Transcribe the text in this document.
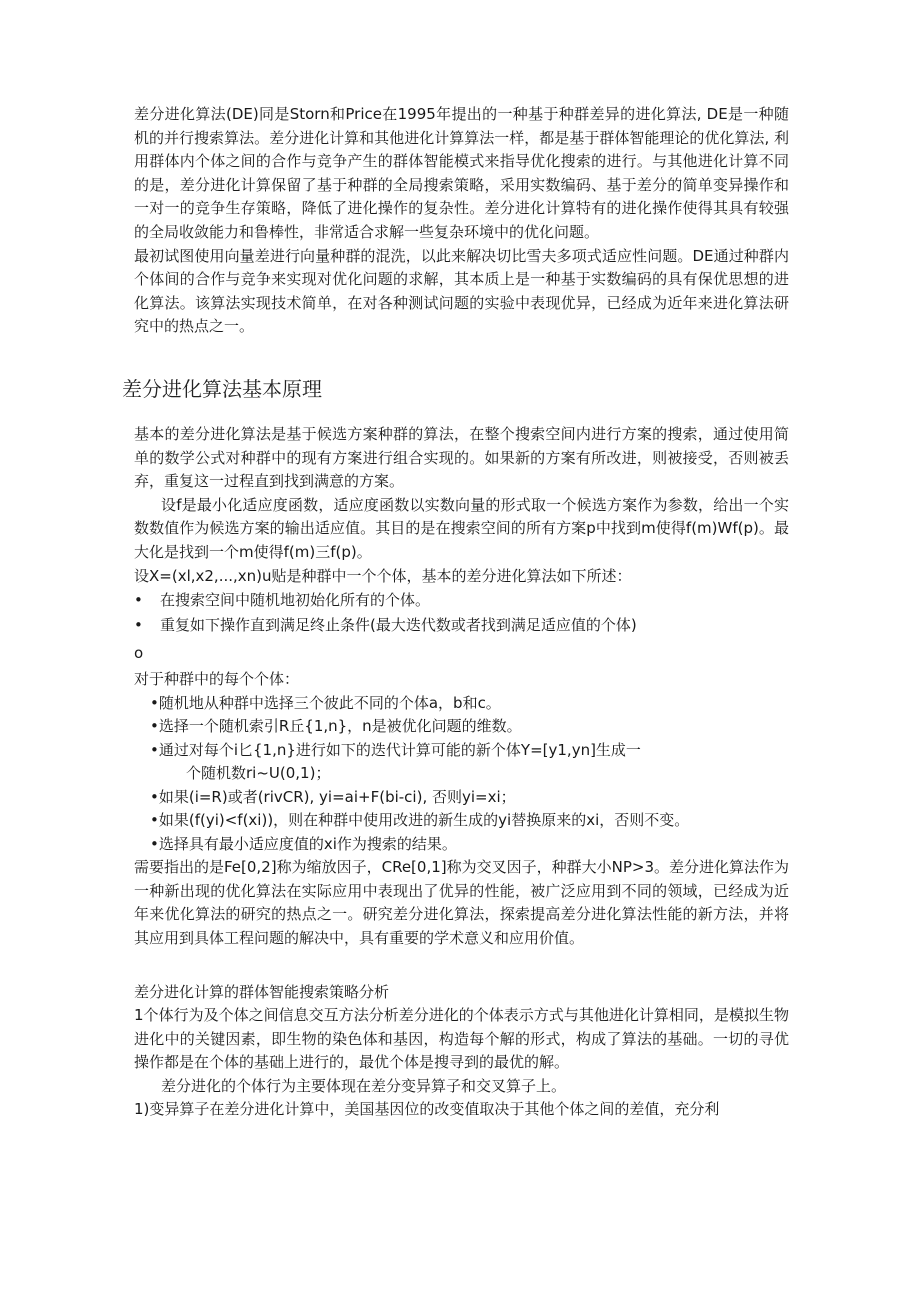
差分进化算法(DE)同是Storn和Price在1995年提出的一种基于种群差异的进化算法, DE是一种随机的并行搜索算法。差分进化计算和其他进化计算算法一样，都是基于群体智能理论的优化算法, 利用群体内个体之间的合作与竞争产生的群体智能模式来指导优化搜索的进行。与其他进化计算不同的是，差分进化计算保留了基于种群的全局搜索策略，采用实数编码、基于差分的简单变异操作和一对一的竞争生存策略，降低了进化操作的复杂性。差分进化计算特有的进化操作使得其具有较强的全局收敛能力和鲁棒性，非常适合求解一些复杂环境中的优化问题。

最初试图使用向量差进行向量种群的混洗，以此来解决切比雪夫多项式适应性问题。DE通过种群内个体间的合作与竞争来实现对优化问题的求解，其本质上是一种基于实数编码的具有保优思想的进化算法。该算法实现技术简单，在对各种测试问题的实验中表现优异，已经成为近年来进化算法研究中的热点之一。

差分进化算法基本原理

基本的差分进化算法是基于候选方案种群的算法，在整个搜索空间内进行方案的搜索，通过使用简单的数学公式对种群中的现有方案进行组合实现的。如果新的方案有所改进，则被接受，否则被丢弃，重复这一过程直到找到满意的方案。

设f是最小化适应度函数，适应度函数以实数向量的形式取一个候选方案作为参数，给出一个实数数值作为候选方案的输出适应值。其目的是在搜索空间的所有方案p中找到m使得f(m)Wf(p)。最大化是找到一个m使得f(m)三f(p)。

设X=(xl,x2,...,xn)u贴是种群中一个个体，基本的差分进化算法如下所述：

• 在搜索空间中随机地初始化所有的个体。

• 重复如下操作直到满足终止条件(最大迭代数或者找到满足适应值的个体)

o

对于种群中的每个个体：

•随机地从种群中选择三个彼此不同的个体a，b和c。

•选择一个随机索引R丘{1,n}，n是被优化问题的维数。

•通过对每个i匕{1,n}进行如下的迭代计算可能的新个体Y=[y1,yn]生成一

个随机数ri~U(0,1)；

•如果(i=R)或者(rivCR), yi=ai+F(bi-ci), 否则yi=xi；

•如果(f(yi)<f(xi))，则在种群中使用改进的新生成的yi替换原来的xi，否则不变。

•选择具有最小适应度值的xi作为搜索的结果。

需要指出的是Fe[0,2]称为缩放因子，CRe[0,1]称为交叉因子，种群大小NP>3。差分进化算法作为一种新出现的优化算法在实际应用中表现出了优异的性能，被广泛应用到不同的领域，已经成为近年来优化算法的研究的热点之一。研究差分进化算法，探索提高差分进化算法性能的新方法，并将其应用到具体工程问题的解决中，具有重要的学术意义和应用价值。

差分进化计算的群体智能搜索策略分析

1个体行为及个体之间信息交互方法分析差分进化的个体表示方式与其他进化计算相同，是模拟生物进化中的关键因素，即生物的染色体和基因，构造每个解的形式，构成了算法的基础。一切的寻优操作都是在个体的基础上进行的，最优个体是搜寻到的最优的解。

差分进化的个体行为主要体现在差分变异算子和交叉算子上。

1)变异算子在差分进化计算中，美国基因位的改变值取决于其他个体之间的差值，充分利
